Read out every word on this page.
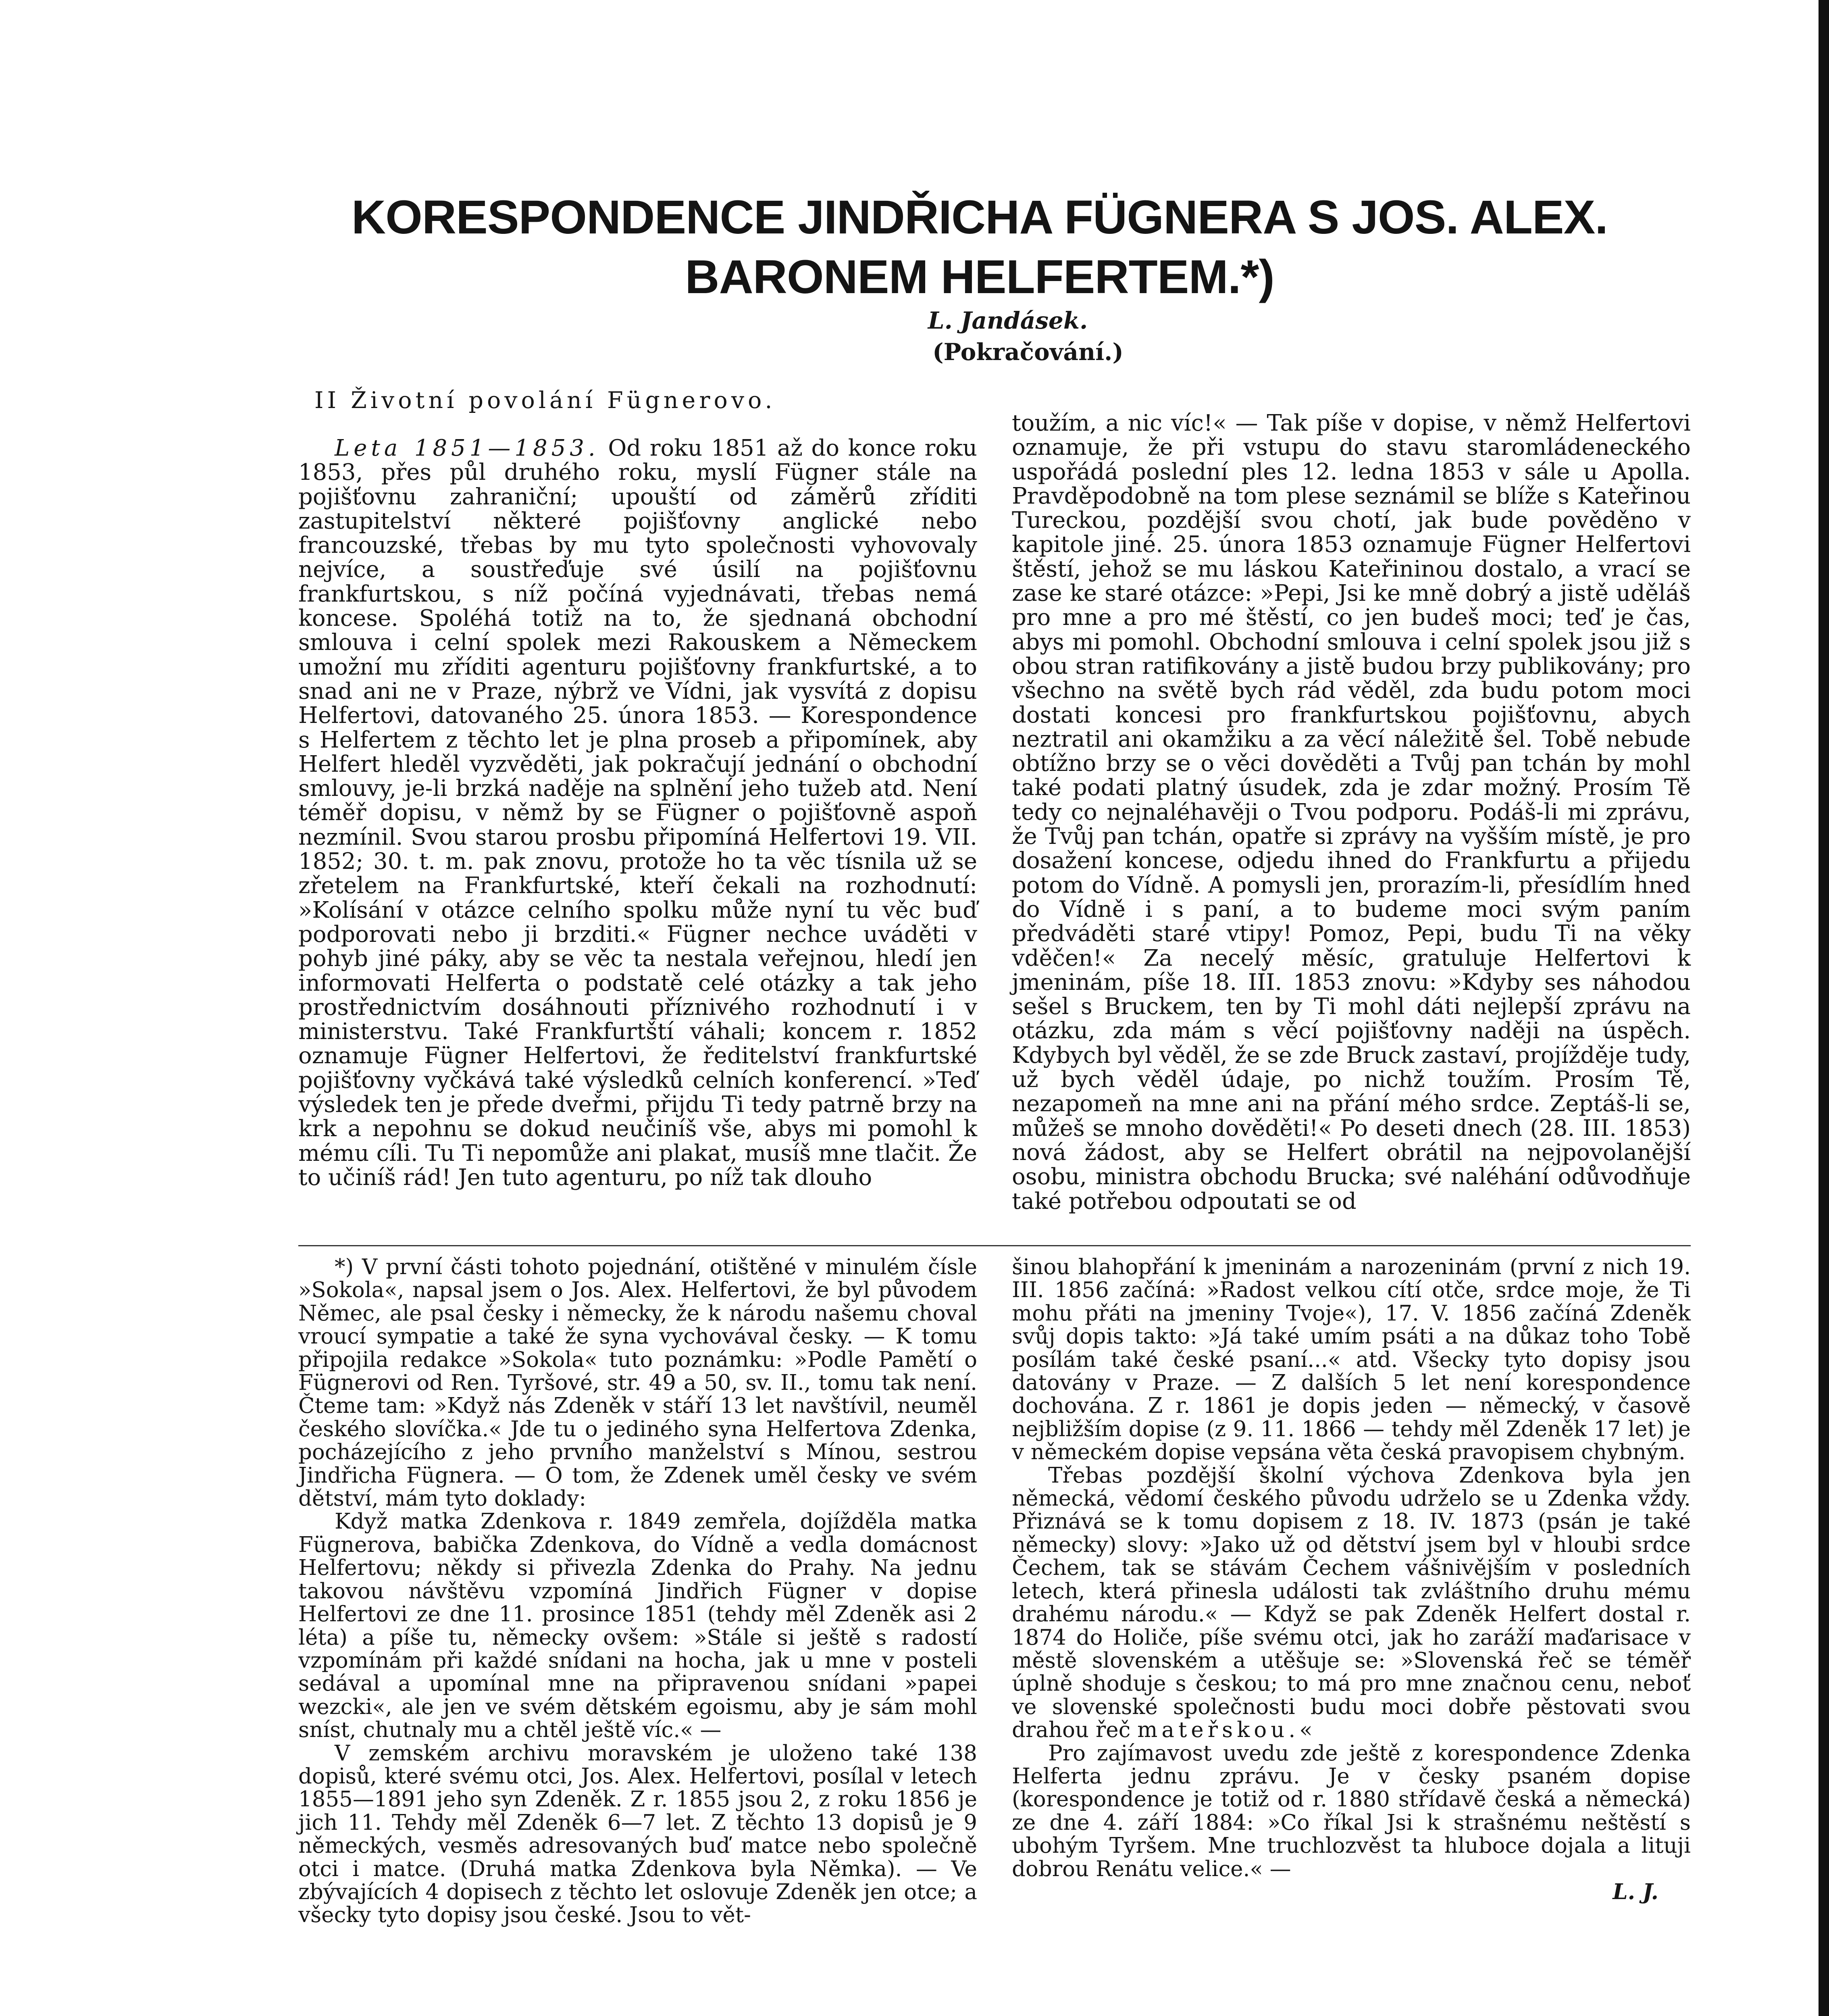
KORESPONDENCE JINDŘICHA FÜGNERA S JOS. ALEX. BARONEM HELFERTEM.*)
L. Jandásek.
(Pokračování.)
II Životní povolání Fügnerovo.

Leta 1851—1853. Od roku 1851 až do konce roku 1853, přes půl druhého roku, myslí Fügner stále na pojišťovnu zahraniční; upouští od záměrů zříditi zastupitelství některé pojišťovny anglické nebo francouzské, třebas by mu tyto společnosti vyhovovaly nejvíce, a soustřeďuje své úsilí na pojišťovnu frankfurtskou, s níž počíná vyjednávati, třebas nemá koncese. Spoléhá totiž na to, že sjednaná obchodní smlouva i celní spolek mezi Rakouskem a Německem umožní mu zříditi agenturu pojišťovny frankfurtské, a to snad ani ne v Praze, nýbrž ve Vídni, jak vysvítá z dopisu Helfertovi, datovaného 25. února 1853. — Korespondence s Helfertem z těchto let je plna proseb a připomínek, aby Helfert hleděl vyzvěděti, jak pokračují jednání o obchodní smlouvy, je-li brzká naděje na splnění jeho tužeb atd. Není téměř dopisu, v němž by se Fügner o pojišťovně aspoň nezmínil. Svou starou prosbu připomíná Helfertovi 19. VII. 1852; 30. t. m. pak znovu, protože ho ta věc tísnila už se zřetelem na Frankfurtské, kteří čekali na rozhodnutí: »Kolísání v otázce celního spolku může nyní tu věc buď podporovati nebo ji brzditi.« Fügner nechce uváděti v pohyb jiné páky, aby se věc ta nestala veřejnou, hledí jen informovati Helferta o podstatě celé otázky a tak jeho prostřednictvím dosáhnouti příznivého rozhodnutí i v ministerstvu. Také Frankfurtští váhali; koncem r. 1852 oznamuje Fügner Helfertovi, že ředitelství frankfurtské pojišťovny vyčkává také výsledků celních konferencí. »Teď výsledek ten je přede dveřmi, přijdu Ti tedy patrně brzy na krk a nepohnu se dokud neučiníš vše, abys mi pomohl k mému cíli. Tu Ti nepomůže ani plakat, musíš mne tlačit. Že to učiníš rád! Jen tuto agenturu, po níž tak dlouho

toužím, a nic víc!« — Tak píše v dopise, v němž Helfertovi oznamuje, že při vstupu do stavu staromládeneckého uspořádá poslední ples 12. ledna 1853 v sále u Apolla. Pravděpodobně na tom plese seznámil se blíže s Kateřinou Tureckou, pozdější svou chotí, jak bude pověděno v kapitole jiné. 25. února 1853 oznamuje Fügner Helfertovi štěstí, jehož se mu láskou Kateřininou dostalo, a vrací se zase ke staré otázce: »Pepi, Jsi ke mně dobrý a jistě uděláš pro mne a pro mé štěstí, co jen budeš moci; teď je čas, abys mi pomohl. Obchodní smlouva i celní spolek jsou již s obou stran ratifikovány a jistě budou brzy publikovány; pro všechno na světě bych rád věděl, zda budu potom moci dostati koncesi pro frankfurtskou pojišťovnu, abych neztratil ani okamžiku a za věcí náležitě šel. Tobě nebude obtížno brzy se o věci dověděti a Tvůj pan tchán by mohl také podati platný úsudek, zda je zdar možný. Prosím Tě tedy co nejnaléhavěji o Tvou podporu. Podáš-li mi zprávu, že Tvůj pan tchán, opatře si zprávy na vyšším místě, je pro dosažení koncese, odjedu ihned do Frankfurtu a přijedu potom do Vídně. A pomysli jen, prorazím-li, přesídlím hned do Vídně i s paní, a to budeme moci svým paním předváděti staré vtipy! Pomoz, Pepi, budu Ti na věky vděčen!« Za necelý měsíc, gratuluje Helfertovi k jmeninám, píše 18. III. 1853 znovu: »Kdyby ses náhodou sešel s Bruckem, ten by Ti mohl dáti nejlepší zprávu na otázku, zda mám s věcí pojišťovny naději na úspěch. Kdybych byl věděl, že se zde Bruck zastaví, projížděje tudy, už bych věděl údaje, po nichž toužím. Prosím Tě, nezapomeň na mne ani na přání mého srdce. Zeptáš-li se, můžeš se mnoho dověděti!« Po deseti dnech (28. III. 1853) nová žádost, aby se Helfert obrátil na nejpovolanější osobu, ministra obchodu Brucka; své naléhání odůvodňuje také potřebou odpoutati se od

*) V první části tohoto pojednání, otištěné v minulém čísle »Sokola«, napsal jsem o Jos. Alex. Helfertovi, že byl původem Němec, ale psal česky i německy, že k národu našemu choval vroucí sympatie a také že syna vychovával česky. — K tomu připojila redakce »Sokola« tuto poznámku: »Podle Pamětí o Fügnerovi od Ren. Tyršové, str. 49 a 50, sv. II., tomu tak není. Čteme tam: »Když nás Zdeněk v stáří 13 let navštívil, neuměl českého slovíčka.« Jde tu o jediného syna Helfertova Zdenka, pocházejícího z jeho prvního manželství s Mínou, sestrou Jindřicha Fügnera. — O tom, že Zdenek uměl česky ve svém dětství, mám tyto doklady:

Když matka Zdenkova r. 1849 zemřela, dojížděla matka Fügnerova, babička Zdenkova, do Vídně a vedla domácnost Helfertovu; někdy si přivezla Zdenka do Prahy. Na jednu takovou návštěvu vzpomíná Jindřich Fügner v dopise Helfertovi ze dne 11. prosince 1851 (tehdy měl Zdeněk asi 2 léta) a píše tu, německy ovšem: »Stále si ještě s radostí vzpomínám při každé snídani na hocha, jak u mne v posteli sedával a upomínal mne na připravenou snídani »papei wezcki«, ale jen ve svém dětském egoismu, aby je sám mohl sníst, chutnaly mu a chtěl ještě víc.« —

V zemském archivu moravském je uloženo také 138 dopisů, které svému otci, Jos. Alex. Helfertovi, posílal v letech 1855—1891 jeho syn Zdeněk. Z r. 1855 jsou 2, z roku 1856 je jich 11. Tehdy měl Zdeněk 6—7 let. Z těchto 13 dopisů je 9 německých, vesměs adresovaných buď matce nebo společně otci i matce. (Druhá matka Zdenkova byla Němka). — Ve zbývajících 4 dopisech z těchto let oslovuje Zdeněk jen otce; a všecky tyto dopisy jsou české. Jsou to vět-

šinou blahopřání k jmeninám a narozeninám (první z nich 19. III. 1856 začíná: »Radost velkou cítí otče, srdce moje, že Ti mohu přáti na jmeniny Tvoje«), 17. V. 1856 začíná Zdeněk svůj dopis takto: »Já také umím psáti a na důkaz toho Tobě posílám také české psaní...« atd. Všecky tyto dopisy jsou datovány v Praze. — Z dalších 5 let není korespondence dochována. Z r. 1861 je dopis jeden — německý, v časově nejbližším dopise (z 9. 11. 1866 — tehdy měl Zdeněk 17 let) je v německém dopise vepsána věta česká pravopisem chybným.

Třebas pozdější školní výchova Zdenkova byla jen německá, vědomí českého původu udrželo se u Zdenka vždy. Přiznává se k tomu dopisem z 18. IV. 1873 (psán je také německy) slovy: »Jako už od dětství jsem byl v hloubi srdce Čechem, tak se stávám Čechem vášnivějším v posledních letech, která přinesla události tak zvláštního druhu mému drahému národu.« — Když se pak Zdeněk Helfert dostal r. 1874 do Holiče, píše svému otci, jak ho zaráží maďarisace v městě slovenském a utěšuje se: »Slovenská řeč se téměř úplně shoduje s českou; to má pro mne značnou cenu, neboť ve slovenské společnosti budu moci dobře pěstovati svou drahou řeč mateřskou.«

Pro zajímavost uvedu zde ještě z korespondence Zdenka Helferta jednu zprávu. Je v česky psaném dopise (korespondence je totiž od r. 1880 střídavě česká a německá) ze dne 4. září 1884: »Co říkal Jsi k strašnému neštěstí s ubohým Tyršem. Mne truchlozvěst ta hluboce dojala a lituji dobrou Renátu velice.« —

L. J.
